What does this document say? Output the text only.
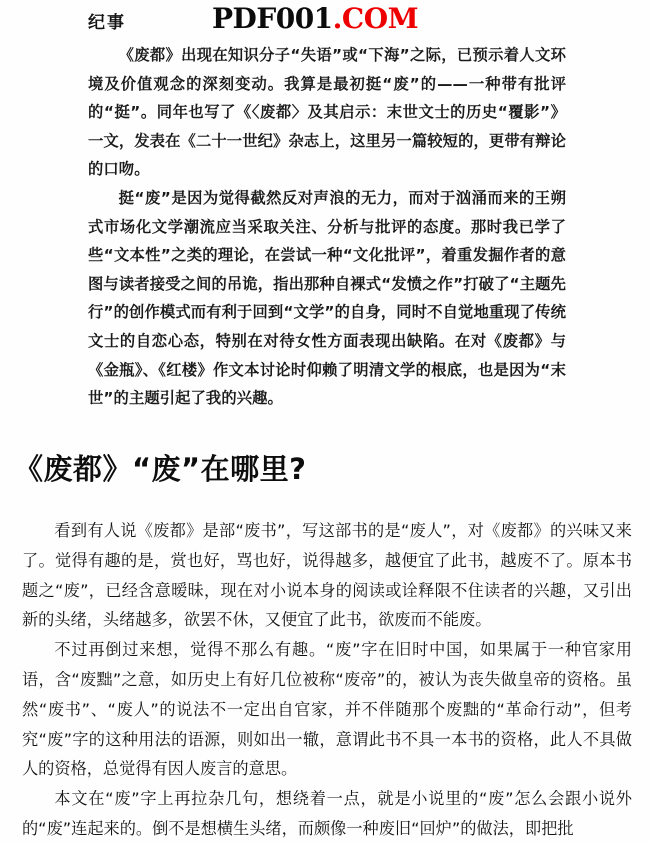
纪事	PDF001.COM

《废都》出现在知识分子“失语”或“下海”之际，已预示着人文环境及价值观念的深刻变动。我算是最初挺“废”的——一种带有批评的“挺”。同年也写了《〈废都〉及其启示：末世文士的历史“覆影”》一文，发表在《二十一世纪》杂志上，这里另一篇较短的，更带有辩论的口吻。

挺“废”是因为觉得截然反对声浪的无力，而对于汹涌而来的王朔式市场化文学潮流应当采取关注、分析与批评的态度。那时我已学了些“文本性”之类的理论，在尝试一种“文化批评”，着重发掘作者的意图与读者接受之间的吊诡，指出那种自裸式“发愤之作”打破了“主题先行”的创作模式而有利于回到“文学”的自身，同时不自觉地重现了传统文士的自恋心态，特别在对待女性方面表现出缺陷。在对《废都》与《金瓶》、《红楼》作文本讨论时仰赖了明清文学的根底，也是因为“末世”的主题引起了我的兴趣。

《废都》“废”在哪里?

看到有人说《废都》是部“废书”，写这部书的是“废人”，对《废都》的兴味又来了。觉得有趣的是，赏也好，骂也好，说得越多，越便宜了此书，越废不了。原本书题之“废”，已经含意暧昧，现在对小说本身的阅读或诠释限不住读者的兴趣，又引出新的头绪，头绪越多，欲罢不休，又便宜了此书，欲废而不能废。

不过再倒过来想，觉得不那么有趣。“废”字在旧时中国，如果属于一种官家用语，含“废黜”之意，如历史上有好几位被称“废帝”的，被认为丧失做皇帝的资格。虽然“废书”、“废人”的说法不一定出自官家，并不伴随那个废黜的“革命行动”，但考究“废”字的这种用法的语源，则如出一辙，意谓此书不具一本书的资格，此人不具做人的资格，总觉得有因人废言的意思。

本文在“废”字上再拉杂几句，想绕着一点，就是小说里的“废”怎么会跟小说外的“废”连起来的。倒不是想横生头绪，而颇像一种废旧“回炉”的做法，即把批
